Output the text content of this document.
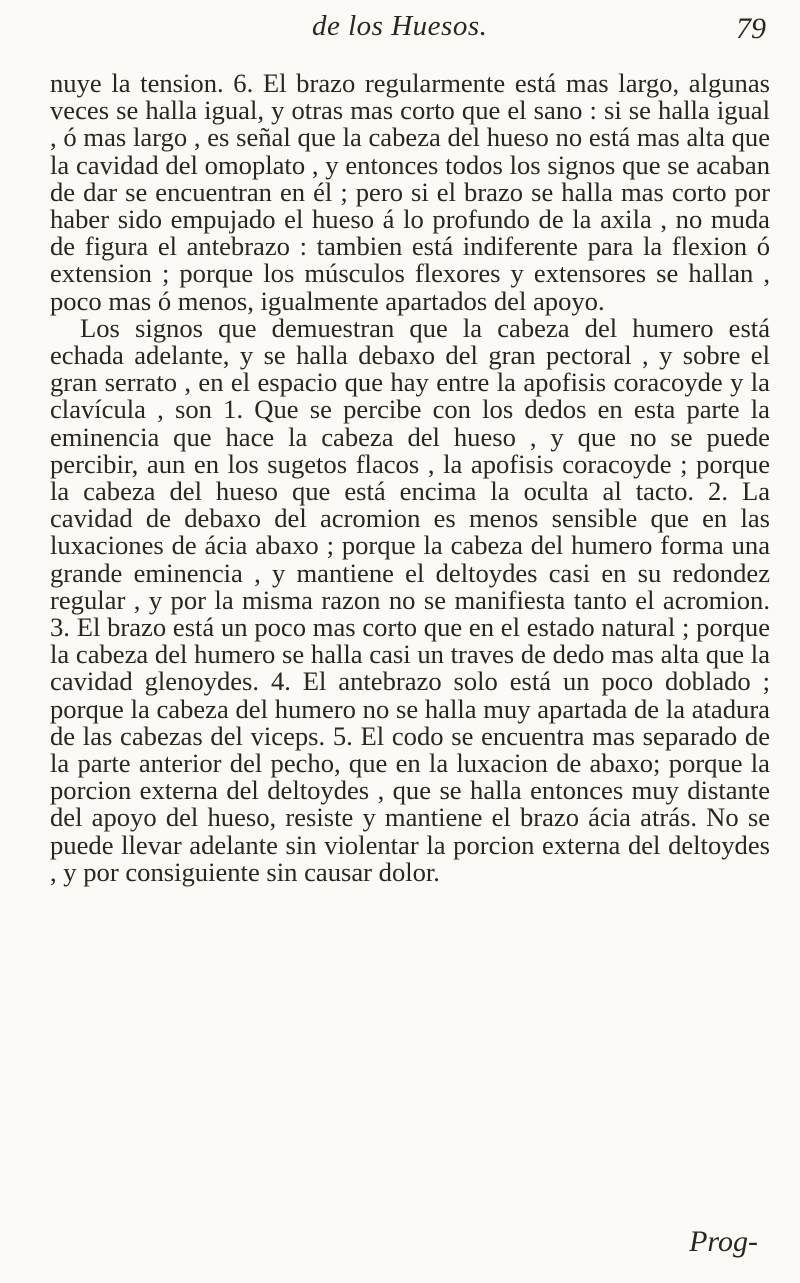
de los Huesos.	79

nuye la tension. 6. El brazo regularmente está mas largo, algunas veces se halla igual, y otras mas corto que el sano : si se halla igual , ó mas largo , es señal que la cabeza del hueso no está mas alta que la cavidad del omoplato , y entonces todos los signos que se acaban de dar se encuentran en él ; pero si el brazo se halla mas corto por haber sido empujado el hueso á lo profundo de la axila , no muda de figura el antebrazo : tambien está indiferente para la flexion ó extension ; porque los músculos flexores y extensores se hallan , poco mas ó menos, igualmente apartados del apoyo.

Los signos que demuestran que la cabeza del humero está echada adelante, y se halla debaxo del gran pectoral , y sobre el gran serrato , en el espacio que hay entre la apofisis coracoyde y la clavícula , son 1. Que se percibe con los dedos en esta parte la eminencia que hace la cabeza del hueso , y que no se puede percibir, aun en los sugetos flacos , la apofisis coracoyde ; porque la cabeza del hueso que está encima la oculta al tacto. 2. La cavidad de debaxo del acromion es menos sensible que en las luxaciones de ácia abaxo ; porque la cabeza del humero forma una grande eminencia , y mantiene el deltoydes casi en su redondez regular , y por la misma razon no se manifiesta tanto el acromion. 3. El brazo está un poco mas corto que en el estado natural ; porque la cabeza del humero se halla casi un traves de dedo mas alta que la cavidad glenoydes. 4. El antebrazo solo está un poco doblado ; porque la cabeza del humero no se halla muy apartada de la atadura de las cabezas del viceps. 5. El codo se encuentra mas separado de la parte anterior del pecho, que en la luxacion de abaxo; porque la porcion externa del deltoydes , que se halla entonces muy distante del apoyo del hueso, resiste y mantiene el brazo ácia atrás. No se puede llevar adelante sin violentar la porcion externa del deltoydes , y por consiguiente sin causar dolor.

Prog-
